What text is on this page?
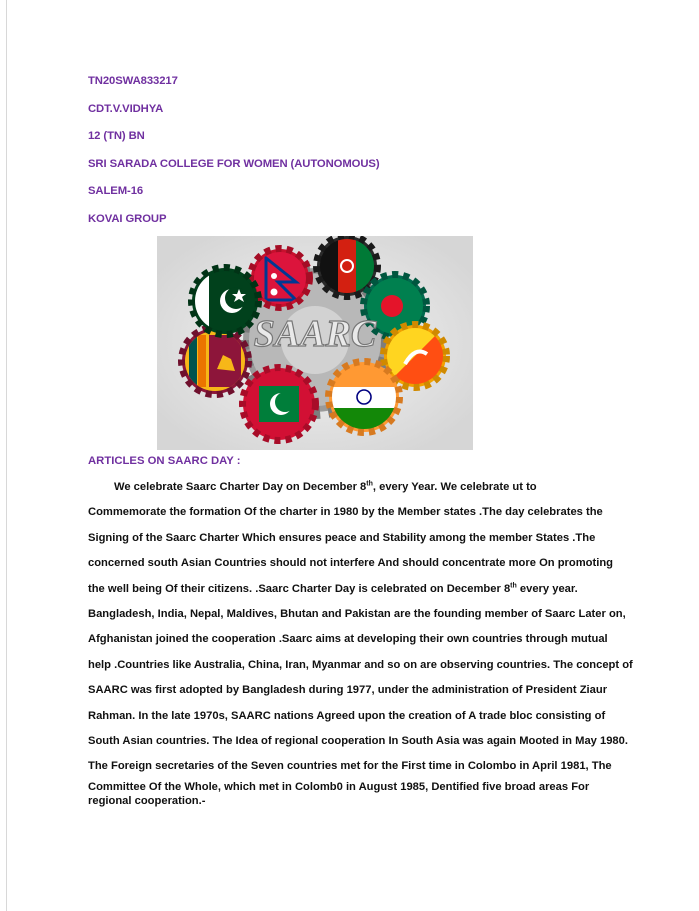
TN20SWA833217
CDT.V.VIDHYA
12 (TN) BN
SRI SARADA COLLEGE FOR WOMEN (AUTONOMOUS)
SALEM-16
KOVAI GROUP
SAARC
ARTICLES ON SAARC DAY :

We celebrate Saarc Charter Day on December 8th, every Year. We celebrate ut to

Commemorate the formation Of the charter in 1980 by the Member states .The day celebrates the

Signing of the Saarc Charter Which ensures peace and Stability among the member States .The

concerned south Asian Countries should not interfere And should concentrate more On promoting

the well being Of their citizens. .Saarc Charter Day is celebrated on December 8th every year.

Bangladesh, India, Nepal, Maldives, Bhutan and Pakistan are the founding member of Saarc Later on,

Afghanistan joined the cooperation .Saarc aims at developing their own countries through mutual

help .Countries like Australia, China, Iran, Myanmar and so on are observing countries. The concept of

SAARC was first adopted by Bangladesh during 1977, under the administration of President Ziaur

Rahman. In the late 1970s, SAARC nations Agreed upon the creation of A trade bloc consisting of

South Asian countries. The Idea of regional cooperation In South Asia was again Mooted in May 1980.

The Foreign secretaries of the Seven countries met for the First time in Colombo in April 1981, The

Committee Of the Whole, which met in Colomb0 in August 1985, Dentified five broad areas For

regional cooperation.-
